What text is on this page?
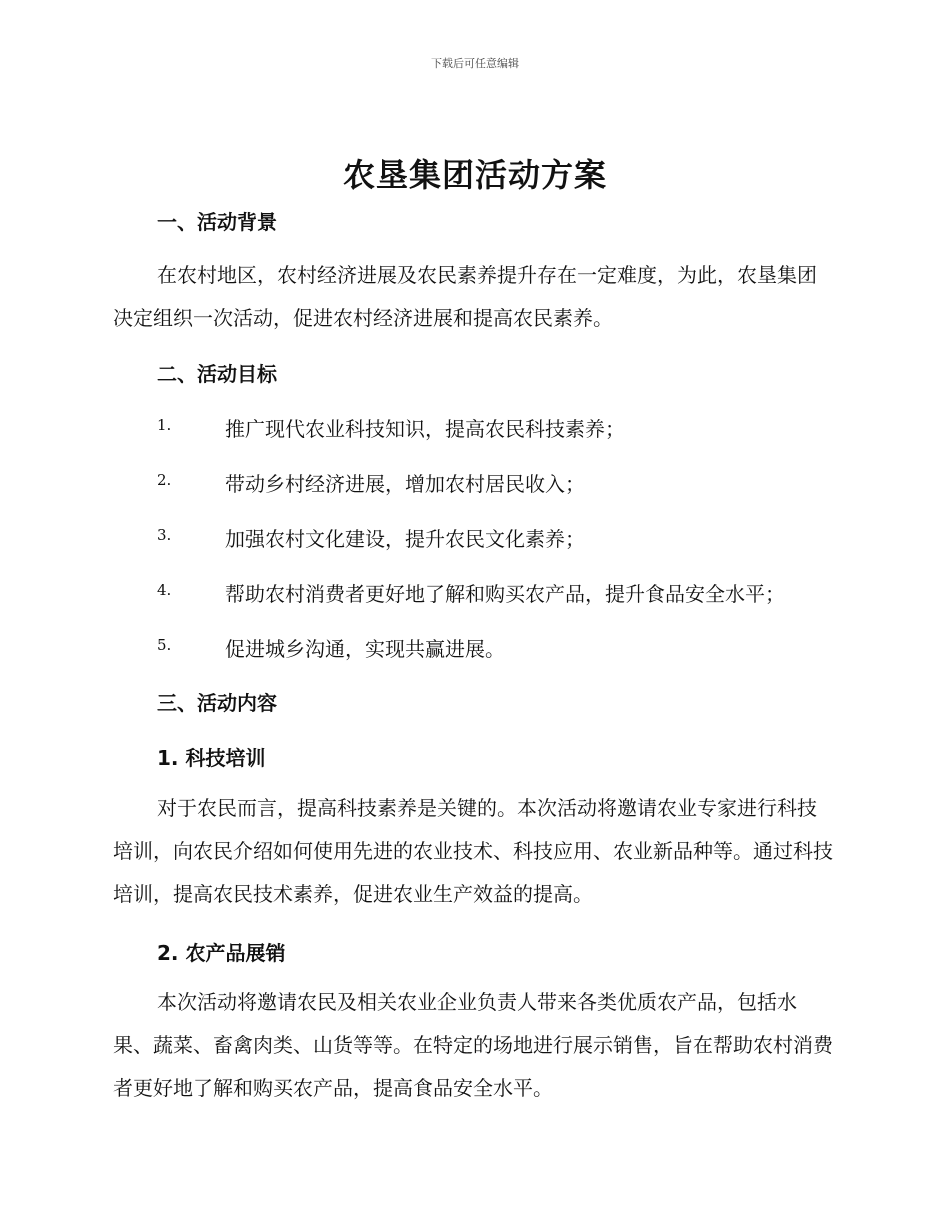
下载后可任意编辑
农垦集团活动方案
一、活动背景

在农村地区，农村经济进展及农民素养提升存在一定难度，为此，农垦集团决定组织一次活动，促进农村经济进展和提高农民素养。

二、活动目标
1.	推广现代农业科技知识，提高农民科技素养；
2.	带动乡村经济进展，增加农村居民收入；
3.	加强农村文化建设，提升农民文化素养；
4.	帮助农村消费者更好地了解和购买农产品，提升食品安全水平；
5.	促进城乡沟通，实现共赢进展。
三、活动内容
1. 科技培训

对于农民而言，提高科技素养是关键的。本次活动将邀请农业专家进行科技培训，向农民介绍如何使用先进的农业技术、科技应用、农业新品种等。通过科技培训，提高农民技术素养，促进农业生产效益的提高。

2. 农产品展销

本次活动将邀请农民及相关农业企业负责人带来各类优质农产品，包括水果、蔬菜、畜禽肉类、山货等等。在特定的场地进行展示销售，旨在帮助农村消费者更好地了解和购买农产品，提高食品安全水平。
